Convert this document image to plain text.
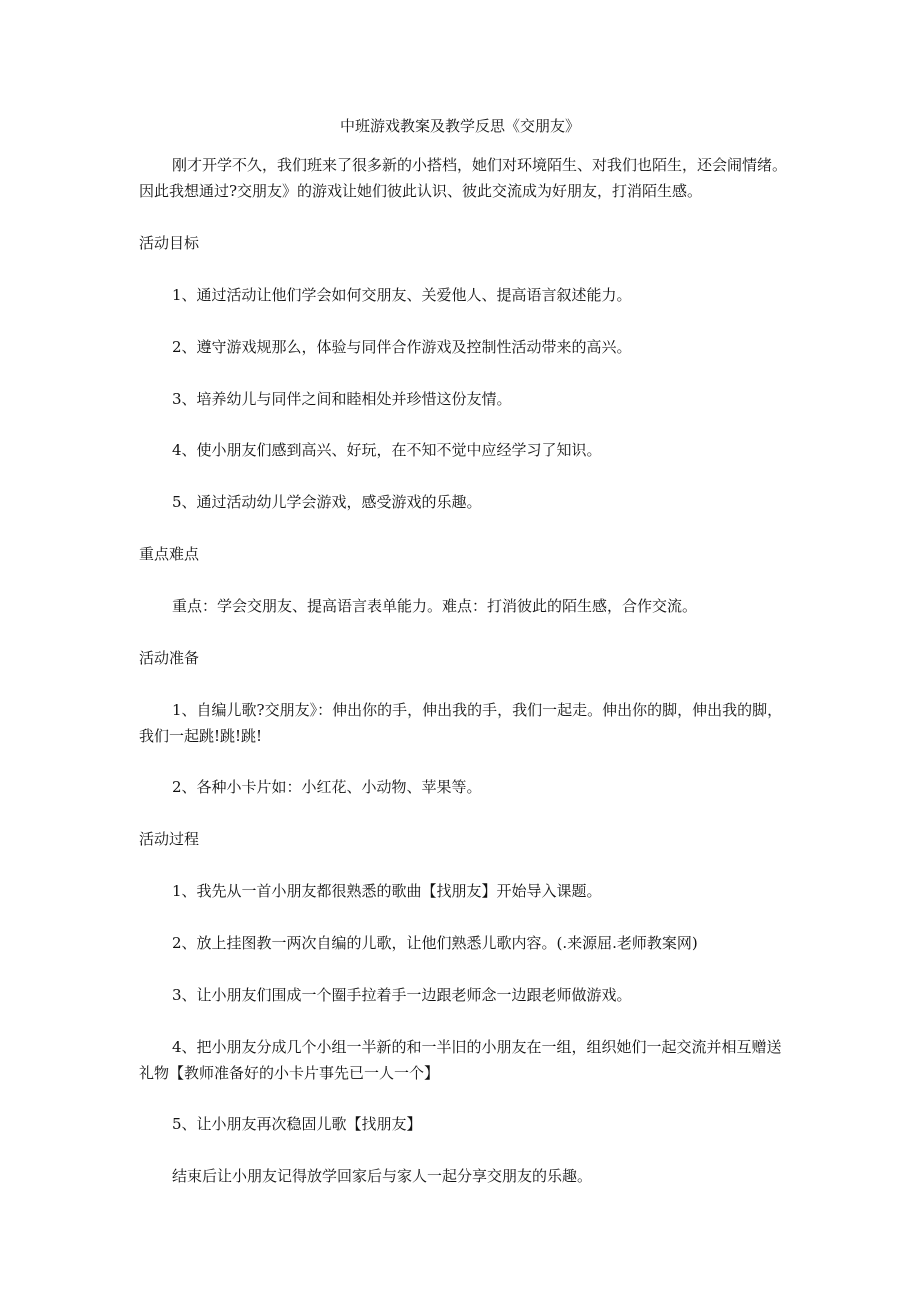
中班游戏教案及教学反思《交朋友》
刚才开学不久，我们班来了很多新的小搭档，她们对环境陌生、对我们也陌生，还会闹情绪。因此我想通过?交朋友》的游戏让她们彼此认识、彼此交流成为好朋友，打消陌生感。
活动目标
1、通过活动让他们学会如何交朋友、关爱他人、提高语言叙述能力。
2、遵守游戏规那么，体验与同伴合作游戏及控制性活动带来的高兴。
3、培养幼儿与同伴之间和睦相处并珍惜这份友情。
4、使小朋友们感到高兴、好玩，在不知不觉中应经学习了知识。
5、通过活动幼儿学会游戏，感受游戏的乐趣。
重点难点
重点：学会交朋友、提高语言表单能力。难点：打消彼此的陌生感，合作交流。
活动准备
1、自编儿歌?交朋友》：伸出你的手，伸出我的手，我们一起走。伸出你的脚，伸出我的脚，我们一起跳!跳!跳!
2、各种小卡片如：小红花、小动物、苹果等。
活动过程
1、我先从一首小朋友都很熟悉的歌曲【找朋友】开始导入课题。
2、放上挂图教一两次自编的儿歌，让他们熟悉儿歌内容。(.来源屈.老师教案网)
3、让小朋友们围成一个圈手拉着手一边跟老师念一边跟老师做游戏。
4、把小朋友分成几个小组一半新的和一半旧的小朋友在一组，组织她们一起交流并相互赠送礼物【教师准备好的小卡片事先已一人一个】
5、让小朋友再次稳固儿歌【找朋友】
结束后让小朋友记得放学回家后与家人一起分享交朋友的乐趣。
